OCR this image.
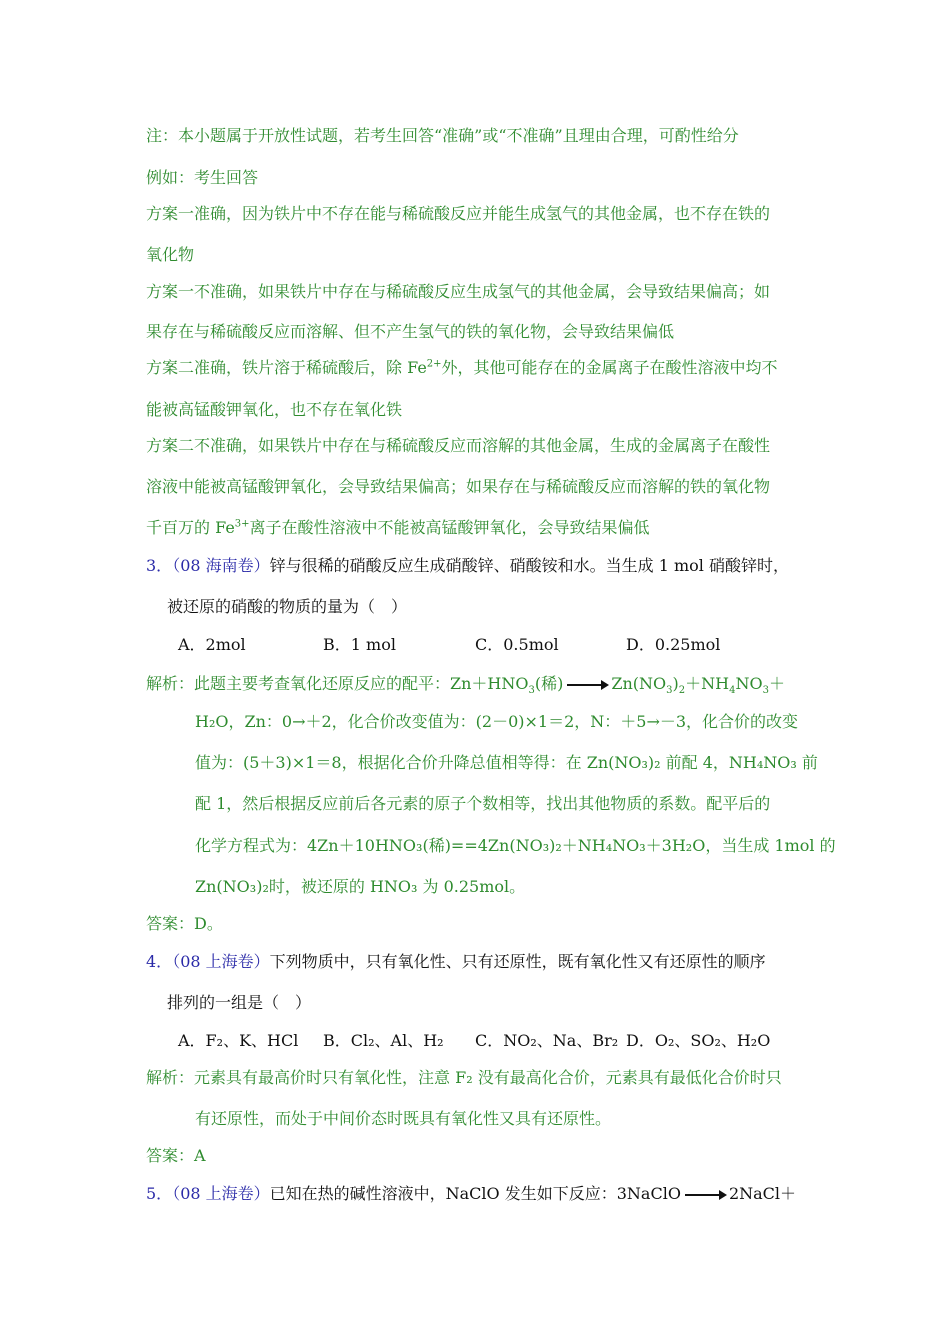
注：本小题属于开放性试题，若考生回答“准确”或“不准确”且理由合理，可酌性给分
例如：考生回答
方案一准确，因为铁片中不存在能与稀硫酸反应并能生成氢气的其他金属，也不存在铁的
氧化物
方案一不准确，如果铁片中存在与稀硫酸反应生成氢气的其他金属，会导致结果偏高；如
果存在与稀硫酸反应而溶解、但不产生氢气的铁的氧化物，会导致结果偏低
方案二准确，铁片溶于稀硫酸后，除 $Fe^{2+}$外，其他可能存在的金属离子在酸性溶液中均不
能被高锰酸钾氧化，也不存在氧化铁
方案二不准确，如果铁片中存在与稀硫酸反应而溶解的其他金属，生成的金属离子在酸性
溶液中能被高锰酸钾氧化，会导致结果偏高；如果存在与稀硫酸反应而溶解的铁的氧化物
千百万的 $Fe^{3+}$离子在酸性溶液中不能被高锰酸钾氧化，会导致结果偏低
3．（08 海南卷）锌与很稀的硝酸反应生成硝酸锌、硝酸铵和水。当生成 1 mol 硝酸锌时，
被还原的硝酸的物质的量为（　）
A．2mol	B．1 mol	C．0.5mol	D．0.25mol
解析：此题主要考查氧化还原反应的配平：$Zn+HNO_3$(稀) → $Zn(NO_3)_2+NH_4NO_3+$
H₂O，Zn：0→＋2，化合价改变值为：(2－0)×1＝2，N：＋5→－3，化合价的改变
值为：(5＋3)×1＝8，根据化合价升降总值相等得：在 Zn(NO₃)₂ 前配 4，NH₄NO₃ 前
配 1，然后根据反应前后各元素的原子个数相等，找出其他物质的系数。配平后的
化学方程式为：4Zn＋10HNO₃(稀)==4Zn(NO₃)₂＋NH₄NO₃＋3H₂O，当生成 1mol 的
Zn(NO₃)₂时，被还原的 HNO₃ 为 0.25mol。
答案：D。
4．（08 上海卷）下列物质中，只有氧化性、只有还原性，既有氧化性又有还原性的顺序
排列的一组是（　）
A．F₂、K、HCl B．Cl₂、Al、H₂ C．NO₂、Na、Br₂ D．O₂、SO₂、H₂O
解析：元素具有最高价时只有氧化性，注意 F₂ 没有最高化合价，元素具有最低化合价时只
有还原性，而处于中间价态时既具有氧化性又具有还原性。
答案：A
5．（08 上海卷）已知在热的碱性溶液中，NaClO 发生如下反应：3NaClO → 2NaCl＋
